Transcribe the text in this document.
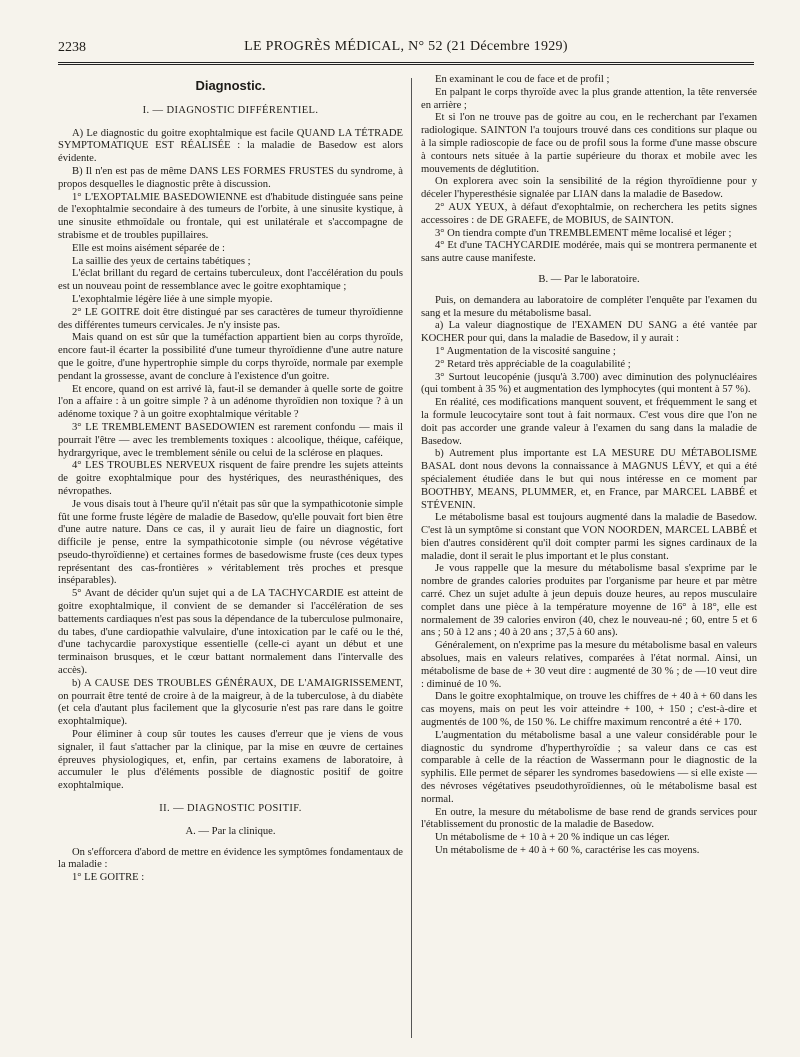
2238	LE PROGRÈS MÉDICAL, N° 52 (21 Décembre 1929)
Diagnostic.
I. — DIAGNOSTIC DIFFÉRENTIEL.

A) Le diagnostic du goitre exophtalmique est facile QUAND LA TÉTRADE SYMPTOMATIQUE EST RÉALISÉE : la maladie de Basedow est alors évidente.

B) Il n'en est pas de même DANS LES FORMES FRUSTES du syndrome, à propos desquelles le diagnostic prête à discussion.

1° L'EXOPTALMIE BASEDOWIENNE est d'habitude distinguée sans peine de l'exophtalmie secondaire à des tumeurs de l'orbite, à une sinusite kystique, à une sinusite ethmoïdale ou frontale, qui est unilatérale et s'accompagne de strabisme et de troubles pupillaires.

Elle est moins aisément séparée de :

La saillie des yeux de certains tabétiques ;

L'éclat brillant du regard de certains tuberculeux, dont l'accélération du pouls est un nouveau point de ressemblance avec le goitre exophtamique ;

L'exophtalmie légère liée à une simple myopie.

2° LE GOITRE doit être distingué par ses caractères de tumeur thyroïdienne des différentes tumeurs cervicales. Je n'y insiste pas.

Mais quand on est sûr que la tuméfaction appartient bien au corps thyroïde, encore faut-il écarter la possibilité d'une tumeur thyroïdienne d'une autre nature que le goitre, d'une hypertrophie simple du corps thyroïde, normale par exemple pendant la grossesse, avant de conclure à l'existence d'un goitre.

Et encore, quand on est arrivé là, faut-il se demander à quelle sorte de goitre l'on a affaire : à un goitre simple ? à un adénome thyroïdien non toxique ? à un adénome toxique ? à un goitre exophtalmique véritable ?

3° LE TREMBLEMENT BASEDOWIEN est rarement confondu — mais il pourrait l'être — avec les tremblements toxiques : alcoolique, théique, caféique, hydrargyrique, avec le tremblement sénile ou celui de la sclérose en plaques.

4° LES TROUBLES NERVEUX risquent de faire prendre les sujets atteints de goitre exophtalmique pour des hystériques, des neurasthéniques, des névropathes.

Je vous disais tout à l'heure qu'il n'était pas sûr que la sympathicotonie simple fût une forme fruste légère de maladie de Basedow, qu'elle pouvait fort bien être d'une autre nature. Dans ce cas, il y aurait lieu de faire un diagnostic, fort difficile je pense, entre la sympathicotonie simple (ou névrose végétative pseudo-thyroïdienne) et certaines formes de basedowisme fruste (ces deux types représentant des cas-frontières » véritablement très proches et presque inséparables).

5° Avant de décider qu'un sujet qui a de LA TACHYCARDIE est atteint de goitre exophtalmique, il convient de se demander si l'accélération de ses battements cardiaques n'est pas sous la dépendance de la tuberculose pulmonaire, du tabes, d'une cardiopathie valvulaire, d'une intoxication par le café ou le thé, d'une tachycardie paroxystique essentielle (celle-ci ayant un début et une terminaison brusques, et le cœur battant normalement dans l'intervalle des accès).

b) A CAUSE DES TROUBLES GÉNÉRAUX, DE L'AMAIGRISSEMENT, on pourrait être tenté de croire à de la maigreur, à de la tuberculose, à du diabète (et cela d'autant plus facilement que la glycosurie n'est pas rare dans le goitre exophtalmique).

Pour éliminer à coup sûr toutes les causes d'erreur que je viens de vous signaler, il faut s'attacher par la clinique, par la mise en œuvre de certaines épreuves physiologiques, et, enfin, par certains examens de laboratoire, à accumuler le plus d'éléments possible de diagnostic positif de goitre exophtalmique.

II. — DIAGNOSTIC POSITIF.
A. — Par la clinique.

On s'efforcera d'abord de mettre en évidence les symptômes fondamentaux de la maladie :

1° LE GOITRE :

En examinant le cou de face et de profil ;

En palpant le corps thyroïde avec la plus grande attention, la tête renversée en arrière ;

Et si l'on ne trouve pas de goitre au cou, en le recherchant par l'examen radiologique. SAINTON l'a toujours trouvé dans ces conditions sur plaque ou à la simple radioscopie de face ou de profil sous la forme d'une masse obscure à contours nets située à la partie supérieure du thorax et mobile avec les mouvements de déglutition.

On explorera avec soin la sensibilité de la région thyroïdienne pour y déceler l'hyperesthésie signalée par LIAN dans la maladie de Basedow.

2° AUX YEUX, à défaut d'exophtalmie, on recherchera les petits signes accessoires : de DE GRAEFE, de MOBIUS, de SAINTON.

3° On tiendra compte d'un TREMBLEMENT même localisé et léger ;

4° Et d'une TACHYCARDIE modérée, mais qui se montrera permanente et sans autre cause manifeste.

B. — Par le laboratoire.

Puis, on demandera au laboratoire de compléter l'enquête par l'examen du sang et la mesure du métabolisme basal.

a) La valeur diagnostique de l'EXAMEN DU SANG a été vantée par KOCHER pour qui, dans la maladie de Basedow, il y aurait :

1° Augmentation de la viscosité sanguine ;

2° Retard très appréciable de la coagulabilité ;

3° Surtout leucopénie (jusqu'à 3.700) avec diminution des polynucléaires (qui tombent à 35 %) et augmentation des lymphocytes (qui montent à 57 %).

En réalité, ces modifications manquent souvent, et fréquemment le sang et la formule leucocytaire sont tout à fait normaux. C'est vous dire que l'on ne doit pas accorder une grande valeur à l'examen du sang dans la maladie de Basedow.

b) Autrement plus importante est LA MESURE DU MÉTABOLISME BASAL dont nous devons la connaissance à MAGNUS LÉVY, et qui a été spécialement étudiée dans le but qui nous intéresse en ce moment par BOOTHBY, MEANS, PLUMMER, et, en France, par MARCEL LABBÉ et STÉVENIN.

Le métabolisme basal est toujours augmenté dans la maladie de Basedow. C'est là un symptôme si constant que VON NOORDEN, MARCEL LABBÉ et bien d'autres considèrent qu'il doit compter parmi les signes cardinaux de la maladie, dont il serait le plus important et le plus constant.

Je vous rappelle que la mesure du métabolisme basal s'exprime par le nombre de grandes calories produites par l'organisme par heure et par mètre carré. Chez un sujet adulte à jeun depuis douze heures, au repos musculaire complet dans une pièce à la température moyenne de 16° à 18°, elle est normalement de 39 calories environ (40, chez le nouveau-né ; 60, entre 5 et 6 ans ; 50 à 12 ans ; 40 à 20 ans ; 37,5 à 60 ans).

Généralement, on n'exprime pas la mesure du métabolisme basal en valeurs absolues, mais en valeurs relatives, comparées à l'état normal. Ainsi, un métabolisme de base de + 30 veut dire : augmenté de 30 % ; de —10 veut dire : diminué de 10 %.

Dans le goitre exophtalmique, on trouve les chiffres de + 40 à + 60 dans les cas moyens, mais on peut les voir atteindre + 100, + 150 ; c'est-à-dire et augmentés de 100 %, de 150 %. Le chiffre maximum rencontré a été + 170.

L'augmentation du métabolisme basal a une valeur considérable pour le diagnostic du syndrome d'hyperthyroïdie ; sa valeur dans ce cas est comparable à celle de la réaction de Wassermann pour le diagnostic de la syphilis. Elle permet de séparer les syndromes basedowiens — si elle existe — des névroses végétatives pseudothyroïdiennes, où le métabolisme basal est normal.

En outre, la mesure du métabolisme de base rend de grands services pour l'établissement du pronostic de la maladie de Basedow.

Un métabolisme de + 10 à + 20 % indique un cas léger.

Un métabolisme de + 40 à + 60 %, caractérise les cas moyens.
